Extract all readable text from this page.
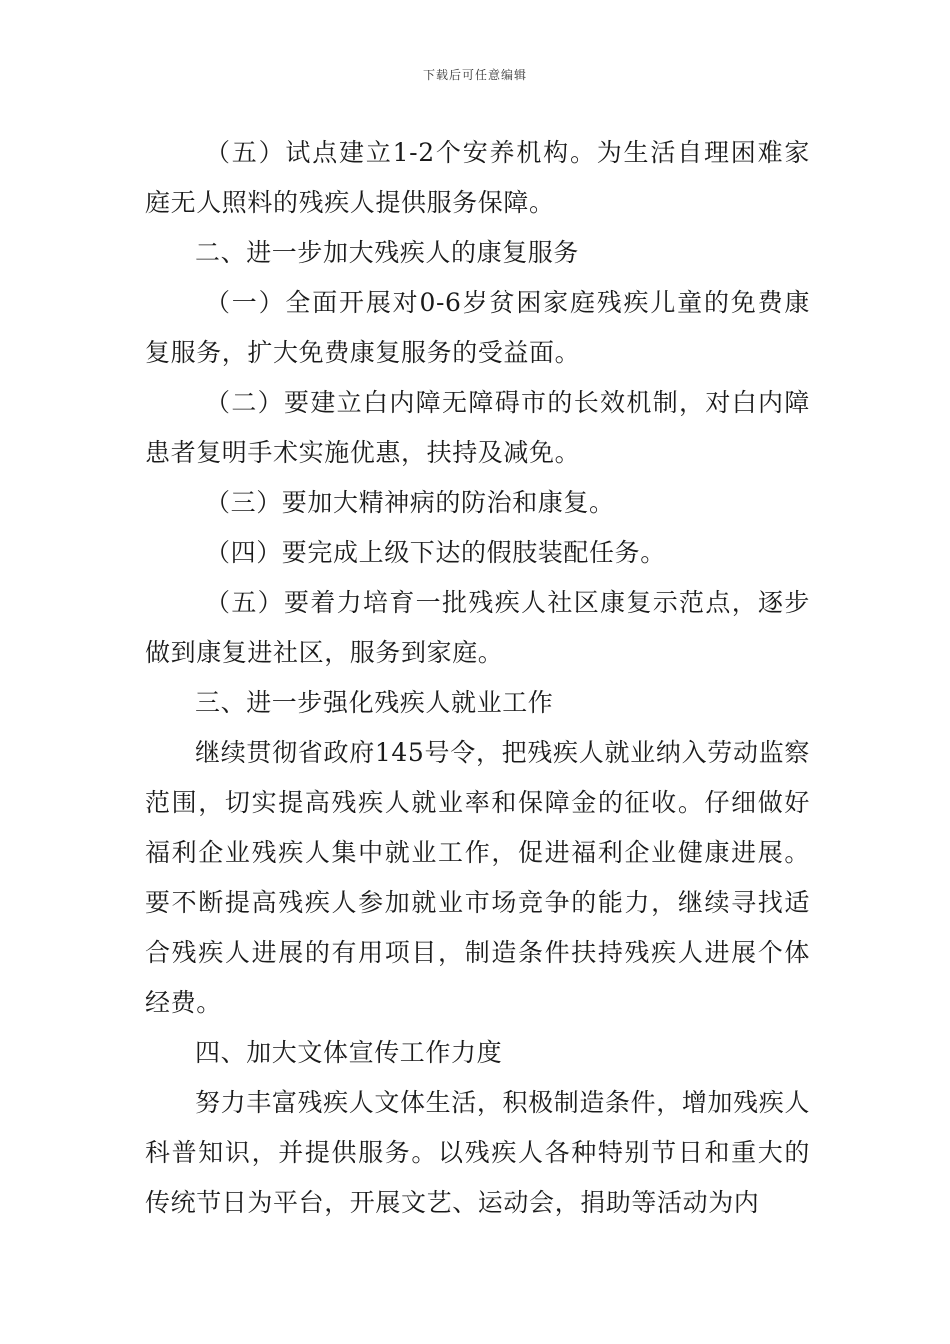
下载后可任意编辑

（五）试点建立1-2个安养机构。为生活自理困难家庭无人照料的残疾人提供服务保障。

二、进一步加大残疾人的康复服务

（一）全面开展对0-6岁贫困家庭残疾儿童的免费康复服务，扩大免费康复服务的受益面。

（二）要建立白内障无障碍市的长效机制，对白内障患者复明手术实施优惠，扶持及减免。

（三）要加大精神病的防治和康复。

（四）要完成上级下达的假肢装配任务。

（五）要着力培育一批残疾人社区康复示范点，逐步做到康复进社区，服务到家庭。

三、进一步强化残疾人就业工作

继续贯彻省政府145号令，把残疾人就业纳入劳动监察范围，切实提高残疾人就业率和保障金的征收。仔细做好福利企业残疾人集中就业工作，促进福利企业健康进展。要不断提高残疾人参加就业市场竞争的能力，继续寻找适合残疾人进展的有用项目，制造条件扶持残疾人进展个体经费。

四、加大文体宣传工作力度

努力丰富残疾人文体生活，积极制造条件，增加残疾人科普知识，并提供服务。以残疾人各种特别节日和重大的传统节日为平台，开展文艺、运动会，捐助等活动为内
